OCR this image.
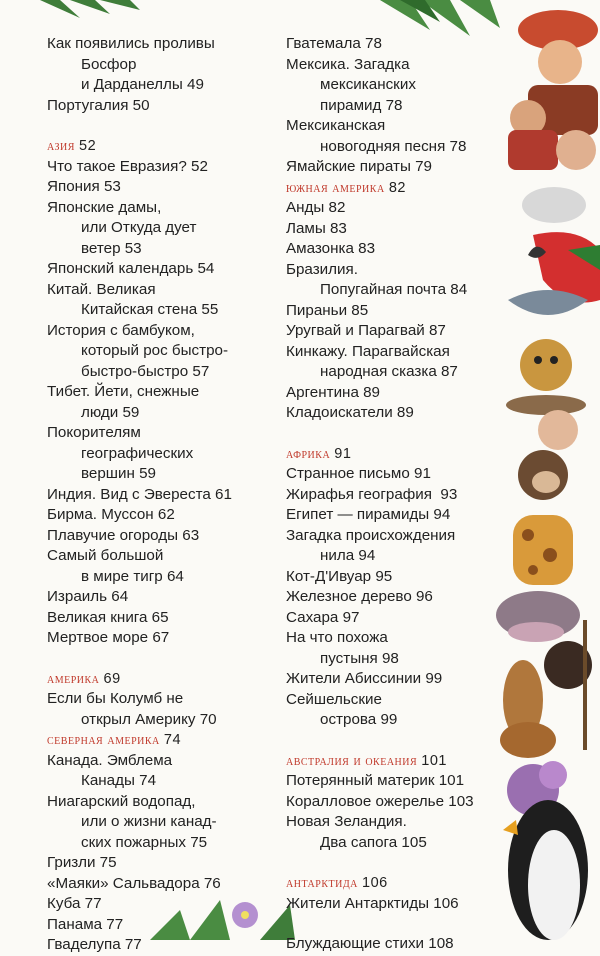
Как появились проливы
Босфор
и Дарданеллы 49
Португалия 50
азия 52
Что такое Евразия? 52
Япония 53
Японские дамы,
или Откуда дует
ветер 53
Японский календарь 54
Китай. Великая
Китайская стена 55
История с бамбуком,
который рос быстро-
быстро-быстро 57
Тибет. Йети, снежные
люди 59
Покорителям
географических
вершин 59
Индия. Вид с Эвереста 61
Бирма. Муссон 62
Плавучие огороды 63
Самый большой
в мире тигр 64
Израиль 64
Великая книга 65
Мертвое море 67
америка 69
Если бы Колумб не
открыл Америку 70
северная америка 74
Канада. Эмблема
Канады 74
Ниагарский водопад,
или о жизни канад-
ских пожарных 75
Гризли 75
«Маяки» Сальвадора 76
Куба 77
Панама 77
Гваделупа 77
Гватемала 78
Мексика. Загадка
мексиканских
пирамид 78
Мексиканская
новогодняя песня 78
Ямайские пираты 79
южная америка 82
Анды 82
Ламы 83
Амазонка 83
Бразилия.
Попугайная почта 84
Пираньи 85
Уругвай и Парагвай 87
Кинкажу. Парагвайская
народная сказка 87
Аргентина 89
Кладоискатели 89
африка 91
Странное письмо 91
Жирафья география  93
Египет — пирамиды 94
Загадка происхождения
нила 94
Кот-Д'Ивуар 95
Железное дерево 96
Сахара 97
На что похожа
пустыня 98
Жители Абиссинии 99
Сейшельские
острова 99
австралия и океания 101
Потерянный материк 101
Коралловое ожерелье 103
Новая Зеландия.
Два сапога 105
антарктида 106
Жители Антарктиды 106
Блуждающие стихи 108
